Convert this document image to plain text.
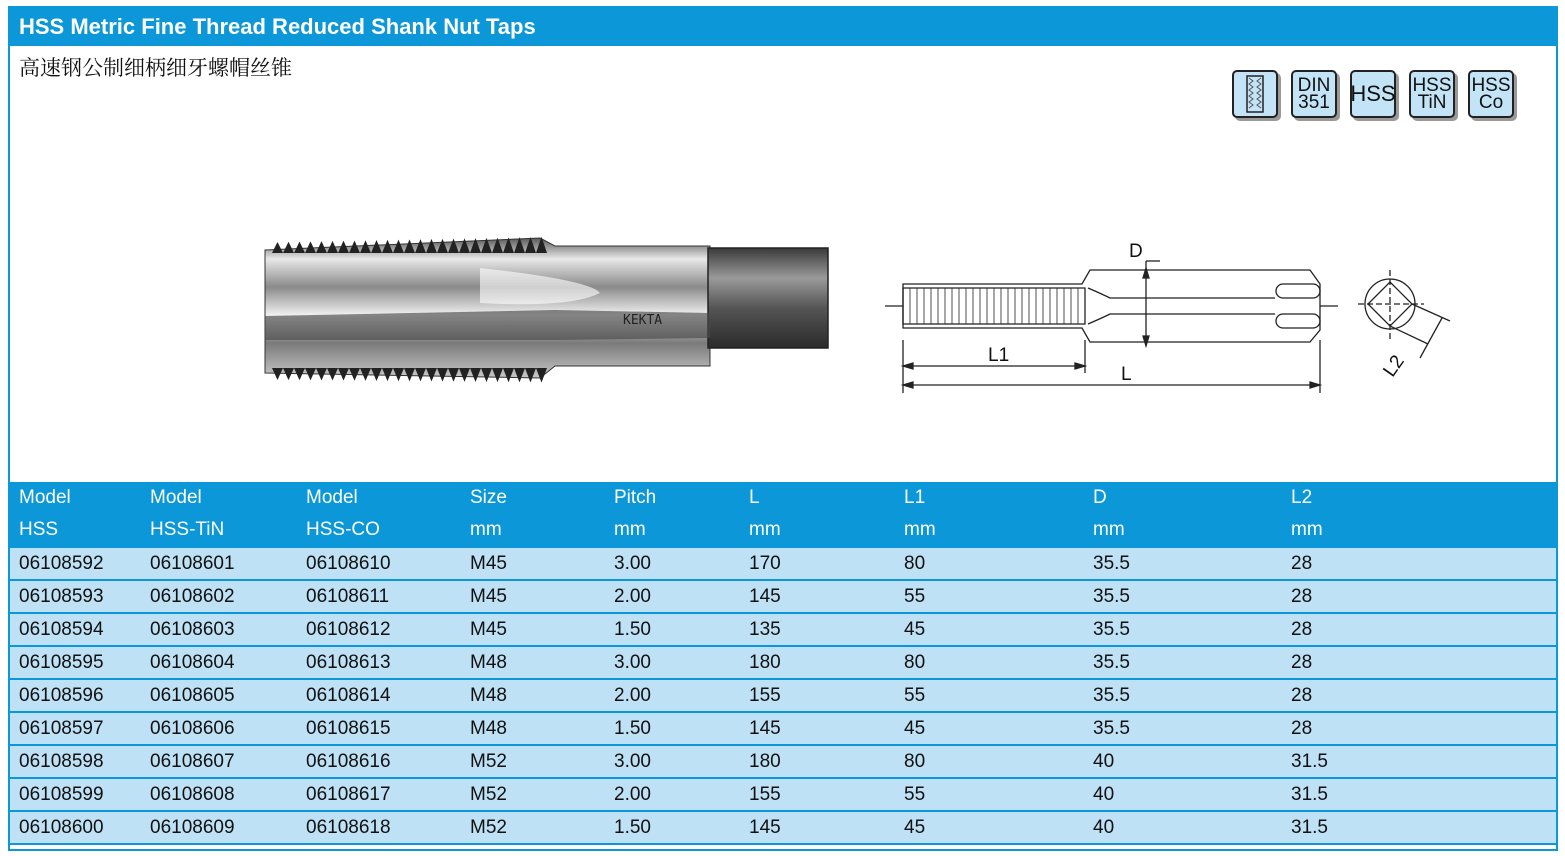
HSS Metric Fine Thread Reduced Shank Nut Taps
高速钢公制细柄细牙螺帽丝锥
DIN
351 HSS HSS
TiN
HSS
Co
KEKTA
D
L1
L	L2
Model	Model	Model	Size	Pitch	L	L1	D	L2
HSS	HSS-TiN	HSS-CO	mm	mm	mm	mm	mm	mm
06108592	06108601	06108610	M45	3.00	170	80	35.5	28
06108593	06108602	06108611	M45	2.00	145	55	35.5	28
06108594	06108603	06108612	M45	1.50	135	45	35.5	28
06108595	06108604	06108613	M48	3.00	180	80	35.5	28
06108596	06108605	06108614	M48	2.00	155	55	35.5	28
06108597	06108606	06108615	M48	1.50	145	45	35.5	28
06108598	06108607	06108616	M52	3.00	180	80	40	31.5
06108599	06108608	06108617	M52	2.00	155	55	40	31.5
06108600	06108609	06108618	M52	1.50	145	45	40	31.5
